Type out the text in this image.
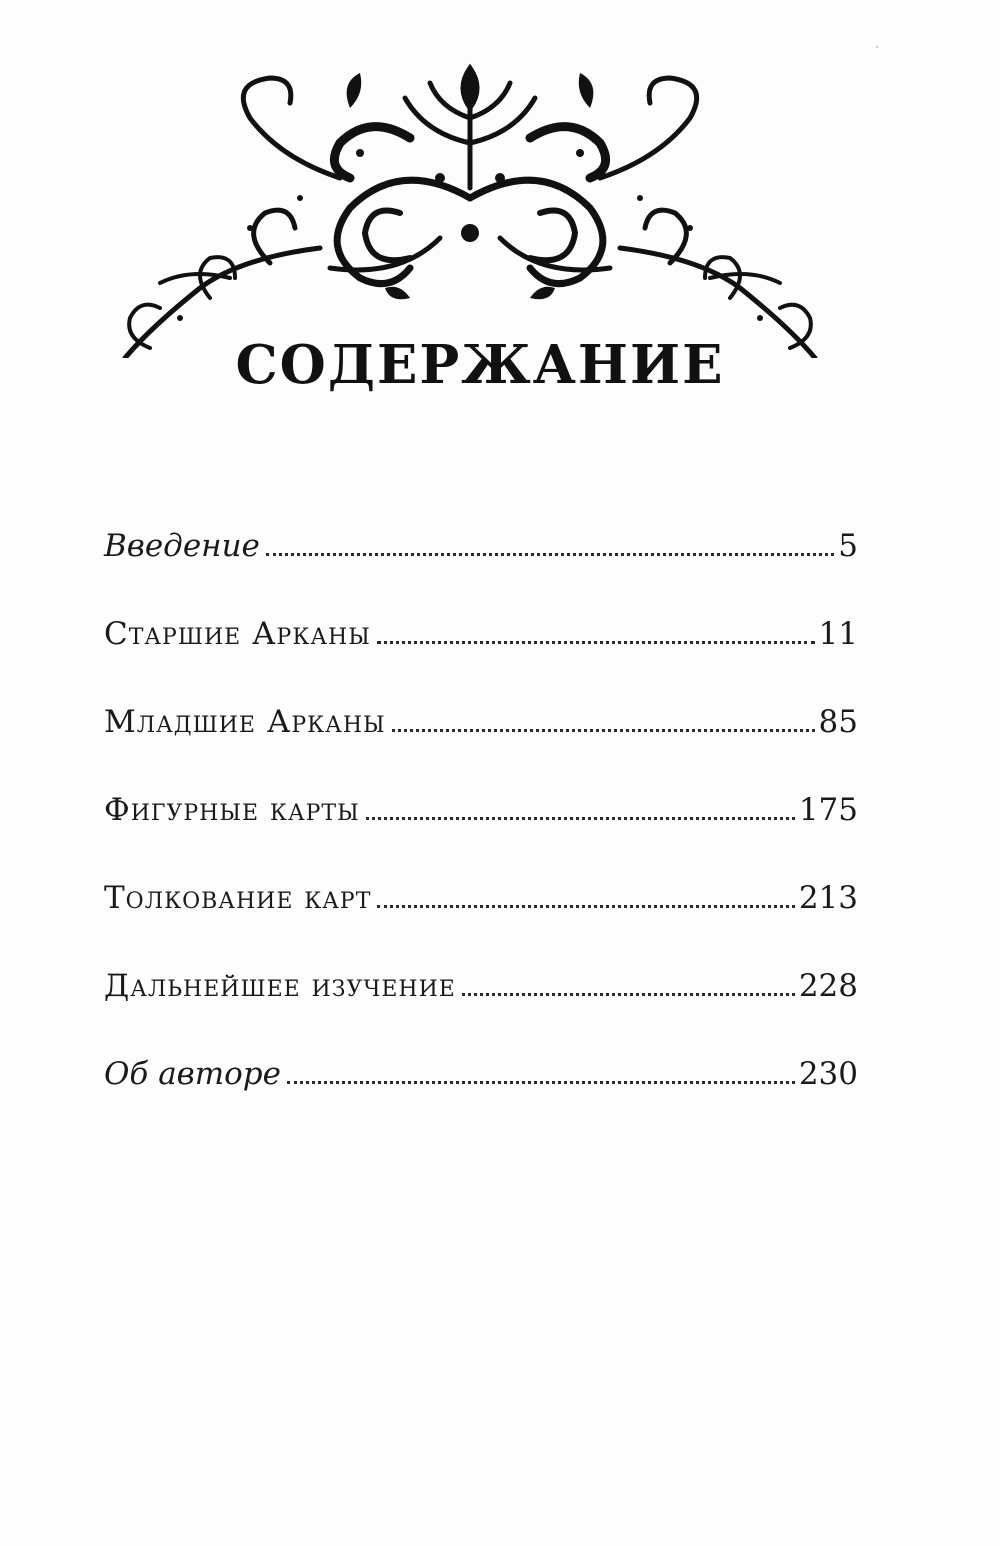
СОДЕРЖАНИЕ
Введение	5
Старшие Арканы	11
Младшие Арканы	85
Фигурные карты	175
Толкование карт	213
Дальнейшее изучение	228
Об авторе	230
